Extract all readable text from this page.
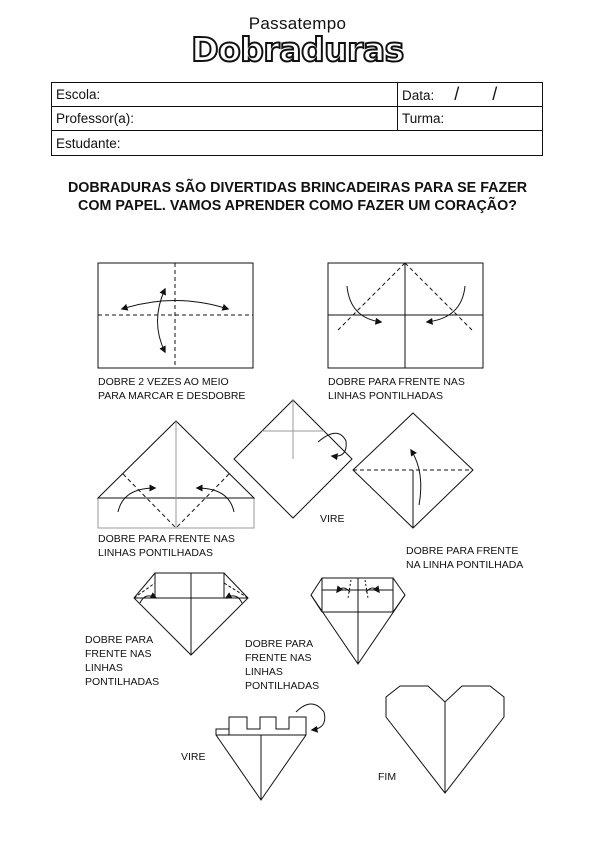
Passatempo
Dobraduras
Escola:	Data: / /
Professor(a):	Turma:
Estudante:	
DOBRADURAS SÃO DIVERTIDAS BRINCADEIRAS PARA SE FAZER
COM PAPEL. VAMOS APRENDER COMO FAZER UM CORAÇÃO?
DOBRE 2 VEZES AO MEIO
PARA MARCAR E DESDOBRE
DOBRE PARA FRENTE NAS
LINHAS PONTILHADAS
DOBRE PARA FRENTE NAS
LINHAS PONTILHADAS
VIRE
DOBRE PARA FRENTE
NA LINHA PONTILHADA
DOBRE PARA
FRENTE NAS
LINHAS
PONTILHADAS
DOBRE PARA
FRENTE NAS
LINHAS
PONTILHADAS
VIRE
FIM
